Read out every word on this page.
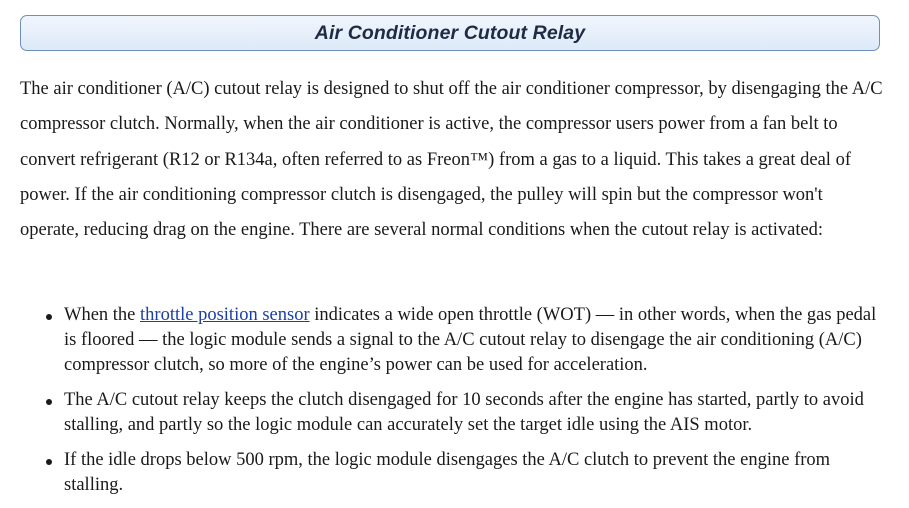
Air Conditioner Cutout Relay

The air conditioner (A/C) cutout relay is designed to shut off the air conditioner compressor, by disengaging the A/C compressor clutch. Normally, when the air conditioner is active, the compressor users power from a fan belt to convert refrigerant (R12 or R134a, often referred to as Freon™) from a gas to a liquid. This takes a great deal of power. If the air conditioning compressor clutch is disengaged, the pulley will spin but the compressor won't operate, reducing drag on the engine. There are several normal conditions when the cutout relay is activated:

When the throttle position sensor indicates a wide open throttle (WOT) — in other words, when the gas pedal is floored — the logic module sends a signal to the A/C cutout relay to disengage the air conditioning (A/C) compressor clutch, so more of the engine’s power can be used for acceleration.
The A/C cutout relay keeps the clutch disengaged for 10 seconds after the engine has started, partly to avoid stalling, and partly so the logic module can accurately set the target idle using the AIS motor.
If the idle drops below 500 rpm, the logic module disengages the A/C clutch to prevent the engine from stalling.
